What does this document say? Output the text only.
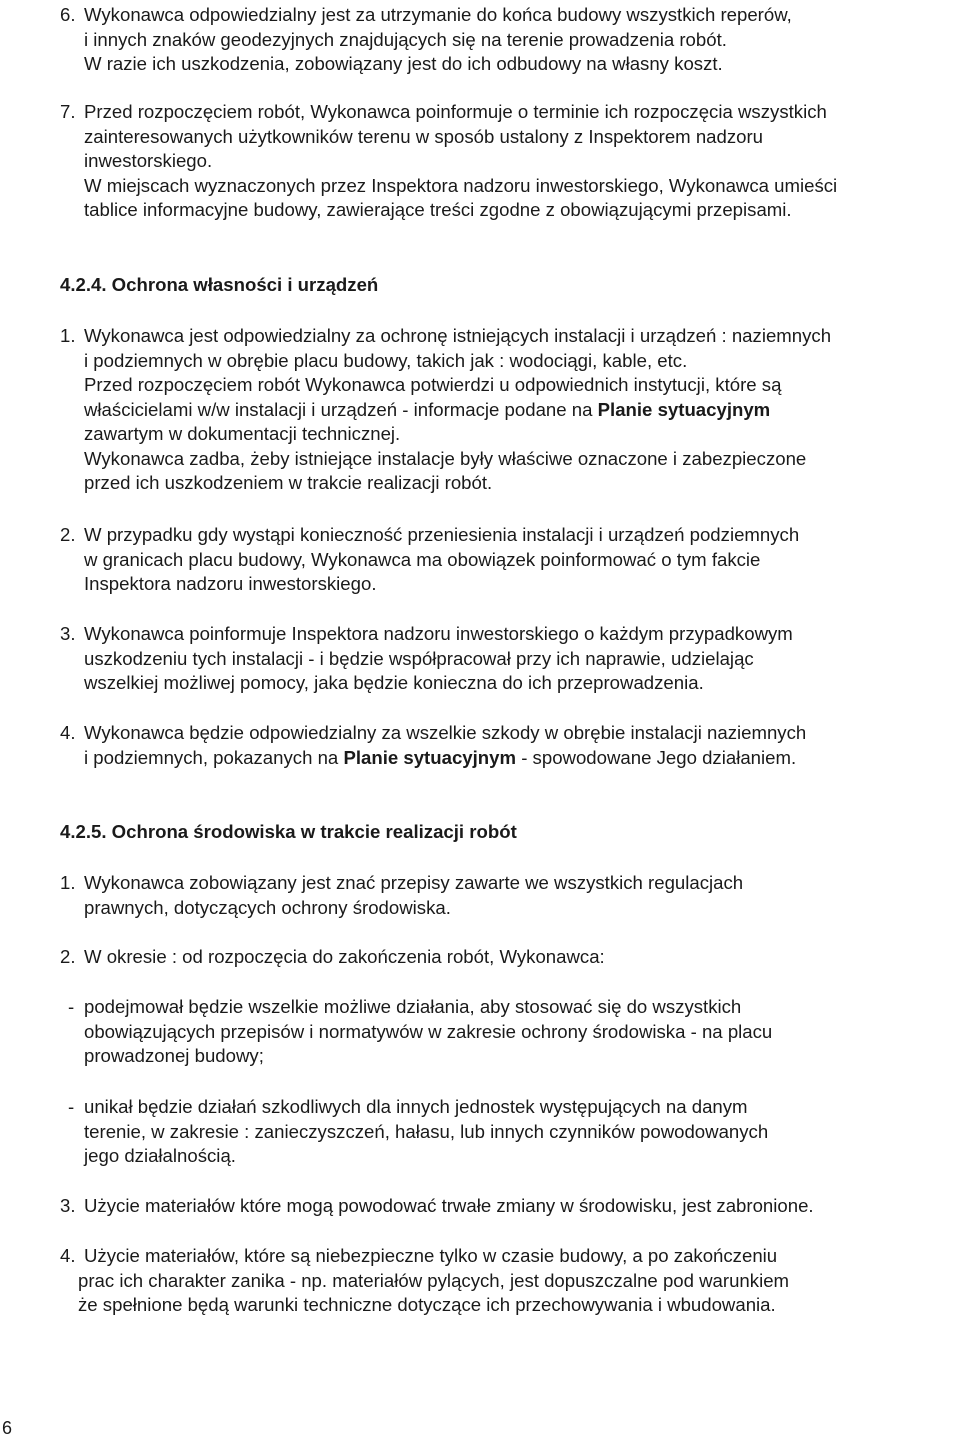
6. Wykonawca odpowiedzialny jest za utrzymanie do końca budowy wszystkich reperów,
i innych znaków geodezyjnych znajdujących się na terenie prowadzenia robót.
W razie ich uszkodzenia, zobowiązany jest do ich odbudowy na własny koszt.
7. Przed rozpoczęciem robót, Wykonawca poinformuje o terminie ich rozpoczęcia wszystkich
zainteresowanych użytkowników terenu w sposób ustalony z Inspektorem nadzoru
inwestorskiego.
W miejscach wyznaczonych przez Inspektora nadzoru inwestorskiego, Wykonawca umieści
tablice informacyjne budowy, zawierające treści zgodne z obowiązującymi przepisami.
4.2.4. Ochrona własności i urządzeń
1. Wykonawca jest odpowiedzialny za ochronę istniejących instalacji i urządzeń : naziemnych
i podziemnych w obrębie placu budowy, takich jak : wodociągi, kable, etc.
Przed rozpoczęciem robót Wykonawca potwierdzi u odpowiednich instytucji, które są
właścicielami w/w instalacji i urządzeń - informacje podane na Planie sytuacyjnym
zawartym w dokumentacji technicznej.
Wykonawca zadba, żeby istniejące instalacje były właściwe oznaczone i zabezpieczone
przed ich uszkodzeniem w trakcie realizacji robót.
2. W przypadku gdy wystąpi konieczność przeniesienia instalacji i urządzeń podziemnych
w granicach placu budowy, Wykonawca ma obowiązek poinformować o tym fakcie
Inspektora nadzoru inwestorskiego.
3. Wykonawca poinformuje Inspektora nadzoru inwestorskiego o każdym przypadkowym
uszkodzeniu tych instalacji - i będzie współpracował przy ich naprawie, udzielając
wszelkiej możliwej pomocy, jaka będzie konieczna do ich przeprowadzenia.
4. Wykonawca będzie odpowiedzialny za wszelkie szkody w obrębie instalacji naziemnych
i podziemnych, pokazanych na Planie sytuacyjnym - spowodowane Jego działaniem.
4.2.5. Ochrona środowiska w trakcie realizacji robót
1. Wykonawca zobowiązany jest znać przepisy zawarte we wszystkich regulacjach
prawnych, dotyczących ochrony środowiska.
2. W okresie : od rozpoczęcia do zakończenia robót, Wykonawca:
- podejmował będzie wszelkie możliwe działania, aby stosować się do wszystkich
obowiązujących przepisów i normatywów w zakresie ochrony środowiska - na placu
prowadzonej budowy;
- unikał będzie działań szkodliwych dla innych jednostek występujących na danym
terenie, w zakresie : zanieczyszczeń, hałasu, lub innych czynników powodowanych
jego działalnością.
3. Użycie materiałów które mogą powodować trwałe zmiany w środowisku, jest zabronione.
4. Użycie materiałów, które są niebezpieczne tylko w czasie budowy, a po zakończeniu
prac ich charakter zanika - np. materiałów pylących, jest dopuszczalne pod warunkiem
że spełnione będą warunki techniczne dotyczące ich przechowywania i wbudowania.
6
